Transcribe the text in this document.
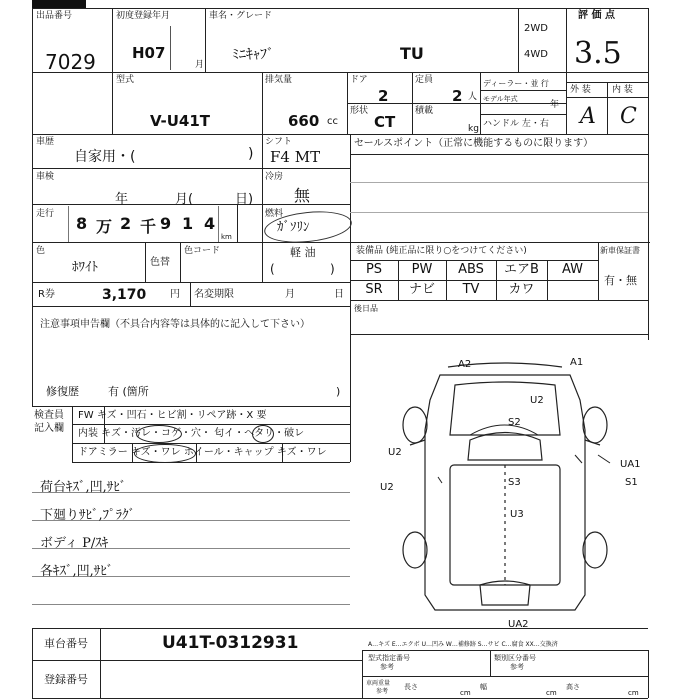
出品番号
7029
初度登録年月
H07
月
車名・グレード
ﾐﾆｷｬﾌﾞ	TU
2WD
4WD
評 価 点
3.5
外 装 内 装
A C
型式
V-U41T
排気量
660 cc
ドア
2
定員
2 人
形状
CT
積載
kg
ディーラー・並 行
モデル年式
年
ハンドル 左・右
車歴
自家用・(	)
シフト
F4 MT
車検
年	月(	日)
冷房
無
走行 8 万 2 千 9 1 4
km
燃料
ｶﾞｿﾘﾝ
軽 油
(	)
色
ﾎﾜｲﾄ	色替
色コード
R券	3,170 円 名変期限	月	日
セールスポイント（正常に機能するものに限ります）
装備品 (純正品に限り○をつけてください)	新車保証書
有・無
PS	PW	ABS	エアB	AW
SR	ナビ	TV	カワ
後日品
注意事項申告欄（不具合内容等は具体的に記入して下さい）
修復歴	有 (箇所	)
検査員
記入欄
FW キズ・凹石・ヒビ割・リペア跡・X 要
内装 キズ・汚レ・コゲ・穴・ 匂イ・へタリ・破レ
ドアミラー キズ・ワレ ホイール・キャップ キズ・ワレ
荷台ｷｽﾞ,凹,ｻﾋﾞ
下廻りｻﾋﾞ,ﾌﾟﾗｸﾞ
ボディ P/ｽｷ
各ｷｽﾞ,凹,ｻﾋﾞ
A2	A1
U2
S2
U2
U2
UA1
S1
S3
U3
UA2
A…キズ E…エクボ U…凹み W…補修跡 S…サビ C…腐食 XX…交換済
車台番号	U41T-0312931
登録番号
型式指定番号
参考
類別区分番号
参考
車両重量
参考
長さ
cm
幅
cm
高さ
cm
